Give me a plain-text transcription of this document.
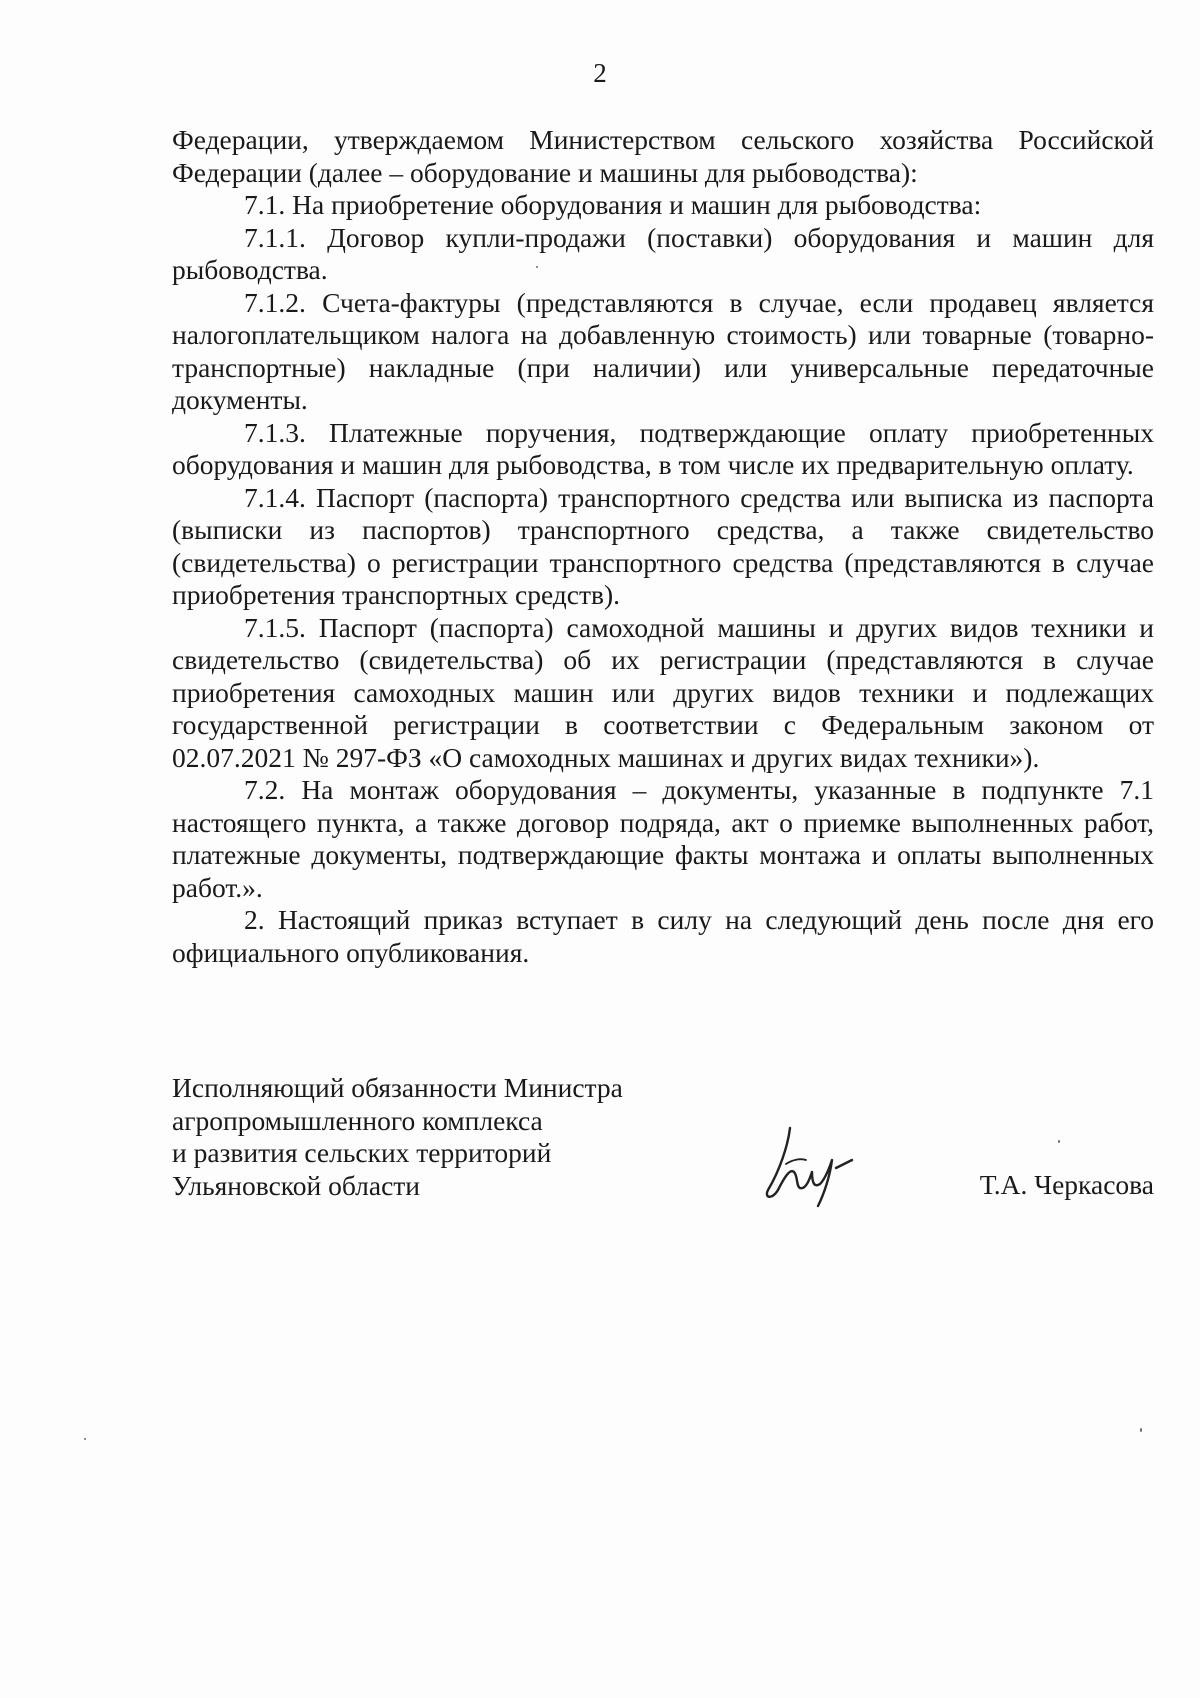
2

Федерации, утверждаемом Министерством сельского хозяйства Российской Федерации (далее – оборудование и машины для рыбоводства):

7.1. На приобретение оборудования и машин для рыбоводства:

7.1.1. Договор купли-продажи (поставки) оборудования и машин для рыбоводства.

7.1.2. Счета-фактуры (представляются в случае, если продавец является налогоплательщиком налога на добавленную стоимость) или товарные (товарно-транспортные) накладные (при наличии) или универсальные передаточные документы.

7.1.3. Платежные поручения, подтверждающие оплату приобретенных оборудования и машин для рыбоводства, в том числе их предварительную оплату.

7.1.4. Паспорт (паспорта) транспортного средства или выписка из паспорта (выписки из паспортов) транспортного средства, а также свидетельство (свидетельства) о регистрации транспортного средства (представляются в случае приобретения транспортных средств).

7.1.5. Паспорт (паспорта) самоходной машины и других видов техники и свидетельство (свидетельства) об их регистрации (представляются в случае приобретения самоходных машин или других видов техники и подлежащих государственной регистрации в соответствии с Федеральным законом от 02.07.2021 № 297-ФЗ «О самоходных машинах и других видах техники»).

7.2. На монтаж оборудования – документы, указанные в подпункте 7.1 настоящего пункта, а также договор подряда, акт о приемке выполненных работ, платежные документы, подтверждающие факты монтажа и оплаты выполненных работ.».

2. Настоящий приказ вступает в силу на следующий день после дня его официального опубликования.

Исполняющий обязанности Министра
агропромышленного комплекса
и развития сельских территорий
Ульяновской области	Т.А. Черкасова
